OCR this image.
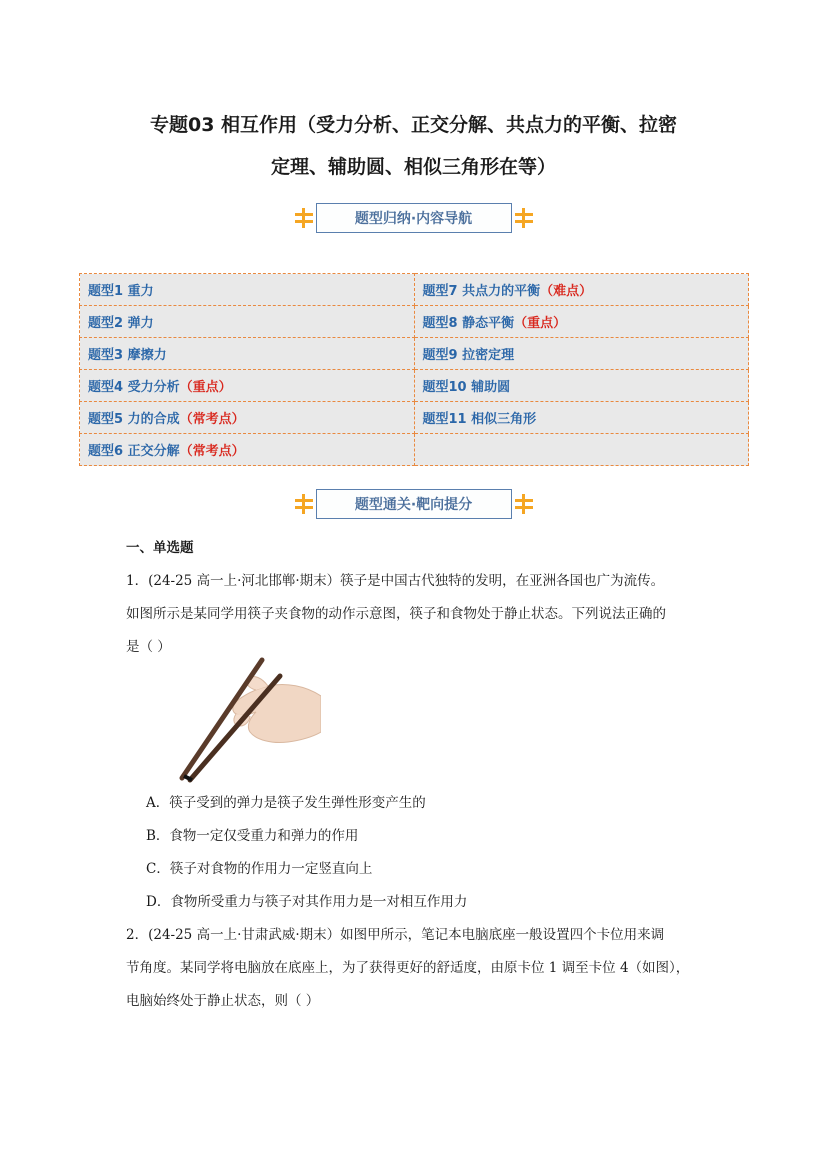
专题03 相互作用（受力分析、正交分解、共点力的平衡、拉密
定理、辅助圆、相似三角形在等）
题型归纳·内容导航
题型1 重力	题型7 共点力的平衡（难点）
题型2 弹力	题型8 静态平衡（重点）
题型3 摩擦力	题型9 拉密定理
题型4 受力分析（重点）	题型10 辅助圆
题型5 力的合成（常考点）	题型11 相似三角形
题型6 正交分解（常考点）	
题型通关·靶向提分
一、单选题
1．(24-25 高一上·河北邯郸·期末）筷子是中国古代独特的发明，在亚洲各国也广为流传。
如图所示是某同学用筷子夹食物的动作示意图，筷子和食物处于静止状态。下列说法正确的
是（ ）
A．筷子受到的弹力是筷子发生弹性形变产生的
B．食物一定仅受重力和弹力的作用
C．筷子对食物的作用力一定竖直向上
D．食物所受重力与筷子对其作用力是一对相互作用力
2．(24-25 高一上·甘肃武威·期末）如图甲所示，笔记本电脑底座一般设置四个卡位用来调
节角度。某同学将电脑放在底座上，为了获得更好的舒适度，由原卡位 1 调至卡位 4（如图），
电脑始终处于静止状态，则（ ）
